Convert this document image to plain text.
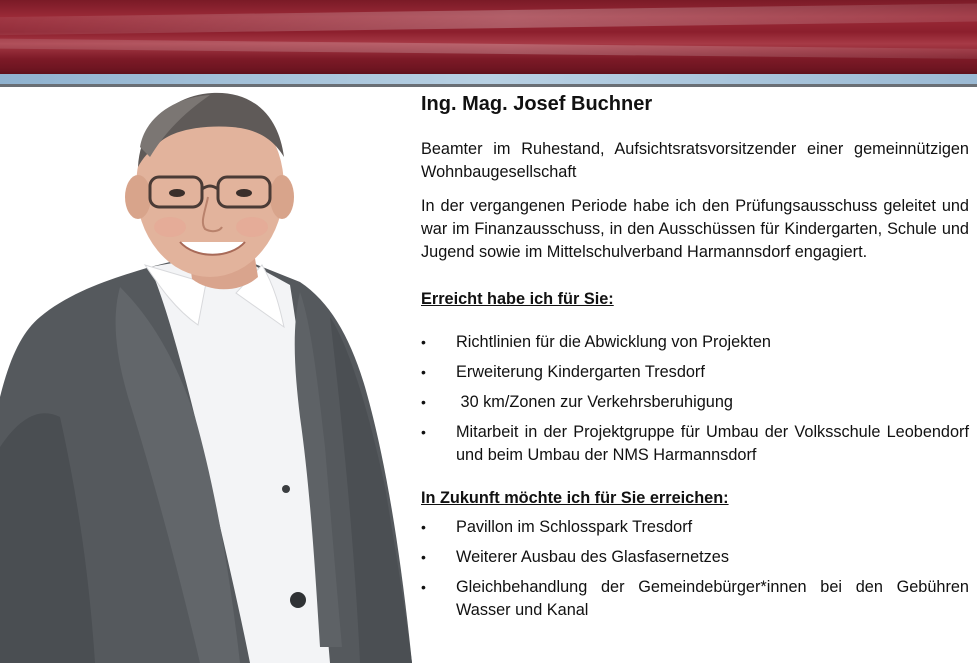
Ing. Mag. Josef Buchner

Beamter im Ruhestand, Aufsichtsratsvorsitzender einer gemeinnützigen Wohnbaugesellschaft

In der vergangenen Periode habe ich den Prüfungsausschuss geleitet und war im Finanzausschuss, in den Ausschüssen für Kindergarten, Schule und Jugend sowie im Mittelschulverband Harmannsdorf engagiert.

Erreicht habe ich für Sie:
•	Richtlinien für die Abwicklung von Projekten
•	Erweiterung Kindergarten Tresdorf
•	30 km/Zonen zur Verkehrsberuhigung
•	Mitarbeit in der Projektgruppe für Umbau der Volksschule Leobendorf und beim Umbau der NMS Harmannsdorf
In Zukunft möchte ich für Sie erreichen:
•	Pavillon im Schlosspark Tresdorf
•	Weiterer Ausbau des Glasfasernetzes
•	Gleichbehandlung der Gemeindebürger*innen bei den Gebühren Wasser und Kanal
